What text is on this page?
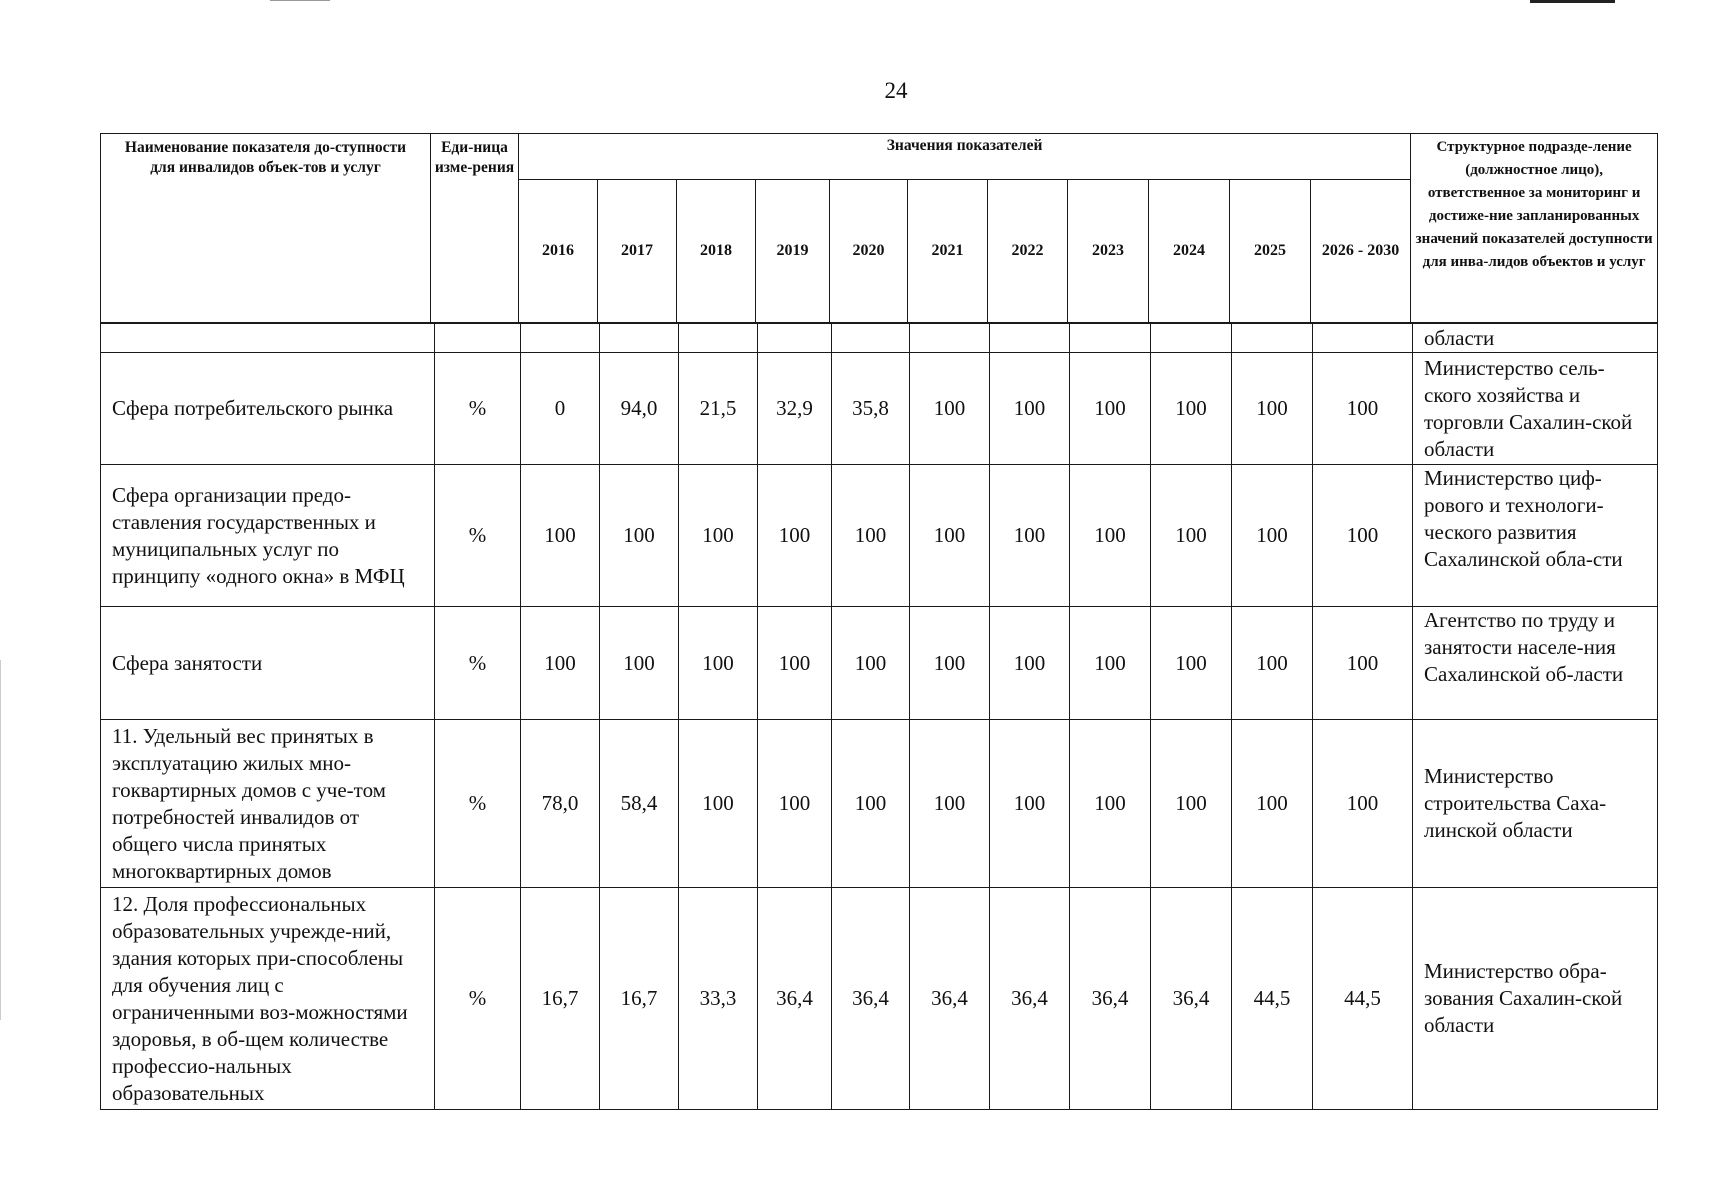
24
Наименование показателя до-ступности для инвалидов объек-тов и услуг	Еди-ница изме-рения	Значения показателей											Структурное подразде-ление (должностное лицо), ответственное за мониторинг и достиже-ние запланированных значений показателей доступности для инва-лидов объектов и услуг
		2016	2017	2018	2019	2020	2021	2022	2023	2024	2025	2026 - 2030	
													области
Сфера потребительского рынка	%	0	94,0	21,5	32,9	35,8	100	100	100	100	100	100	Министерство сель-ского хозяйства и торговли Сахалин-ской области
Сфера организации предо-ставления государственных и муниципальных услуг по принципу «одного окна» в МФЦ	%	100	100	100	100	100	100	100	100	100	100	100	Министерство циф-рового и технологи-ческого развития Сахалинской обла-сти
Сфера занятости	%	100	100	100	100	100	100	100	100	100	100	100	Агентство по труду и занятости населе-ния Сахалинской об-ласти
11. Удельный вес принятых в эксплуатацию жилых мно-гоквартирных домов с уче-том потребностей инвалидов от общего числа принятых многоквартирных домов	%	78,0	58,4	100	100	100	100	100	100	100	100	100	Министерство строительства Саха-линской области
12. Доля профессиональных образовательных учрежде-ний, здания которых при-способлены для обучения лиц с ограниченными воз-можностями здоровья, в об-щем количестве профессио-нальных образовательных	%	16,7	16,7	33,3	36,4	36,4	36,4	36,4	36,4	36,4	44,5	44,5	Министерство обра-зования Сахалин-ской области
